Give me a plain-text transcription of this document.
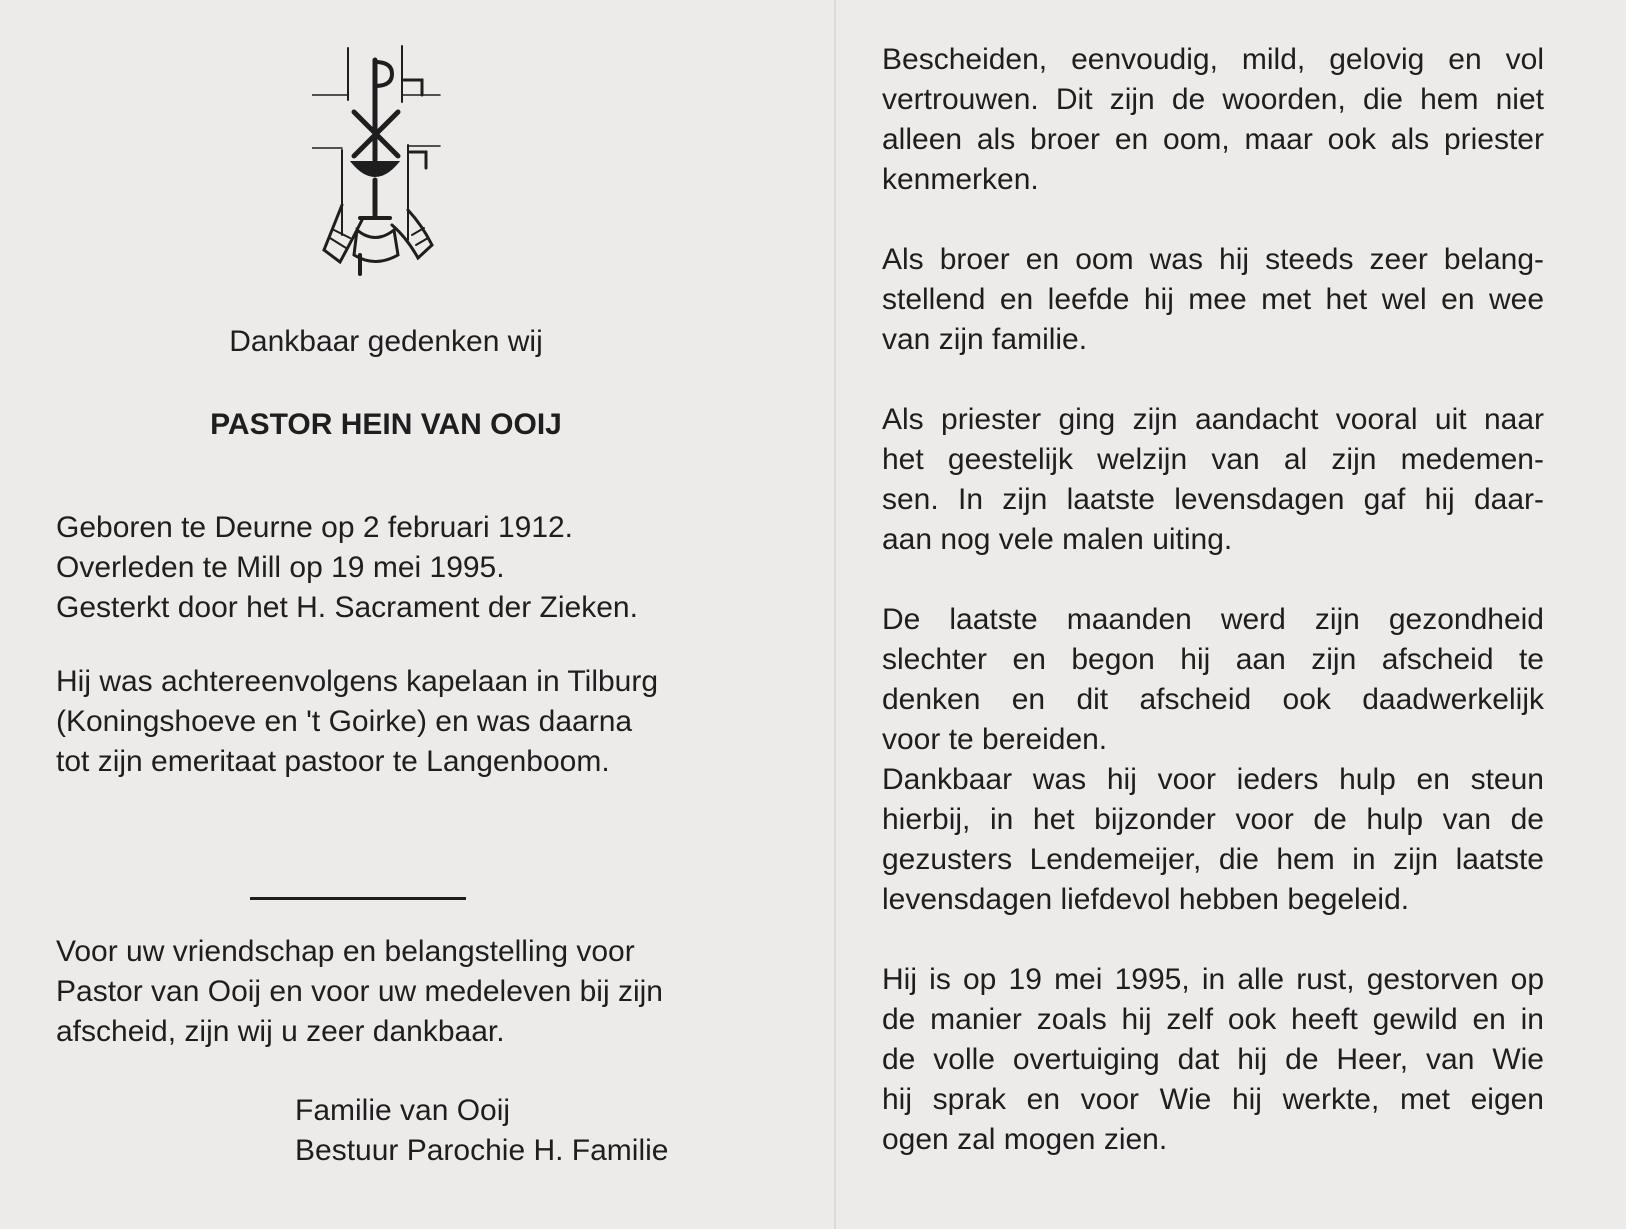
Dankbaar gedenken wij
PASTOR HEIN VAN OOIJ
Geboren te Deurne op 2 februari 1912.
Overleden te Mill op 19 mei 1995.
Gesterkt door het H. Sacrament der Zieken.
Hij was achtereenvolgens kapelaan in Tilburg
(Koningshoeve en 't Goirke) en was daarna
tot zijn emeritaat pastoor te Langenboom.
Voor uw vriendschap en belangstelling voor
Pastor van Ooij en voor uw medeleven bij zijn
afscheid, zijn wij u zeer dankbaar.
Familie van Ooij
Bestuur Parochie H. Familie
Bescheiden, eenvoudig, mild, gelovig en vol
vertrouwen. Dit zijn de woorden, die hem niet
alleen als broer en oom, maar ook als priester
kenmerken.
Als broer en oom was hij steeds zeer belang-
stellend en leefde hij mee met het wel en wee
van zijn familie.
Als priester ging zijn aandacht vooral uit naar
het geestelijk welzijn van al zijn medemen-
sen. In zijn laatste levensdagen gaf hij daar-
aan nog vele malen uiting.
De laatste maanden werd zijn gezondheid
slechter en begon hij aan zijn afscheid te
denken en dit afscheid ook daadwerkelijk
voor te bereiden.
Dankbaar was hij voor ieders hulp en steun
hierbij, in het bijzonder voor de hulp van de
gezusters Lendemeijer, die hem in zijn laatste
levensdagen liefdevol hebben begeleid.
Hij is op 19 mei 1995, in alle rust, gestorven op
de manier zoals hij zelf ook heeft gewild en in
de volle overtuiging dat hij de Heer, van Wie
hij sprak en voor Wie hij werkte, met eigen
ogen zal mogen zien.
